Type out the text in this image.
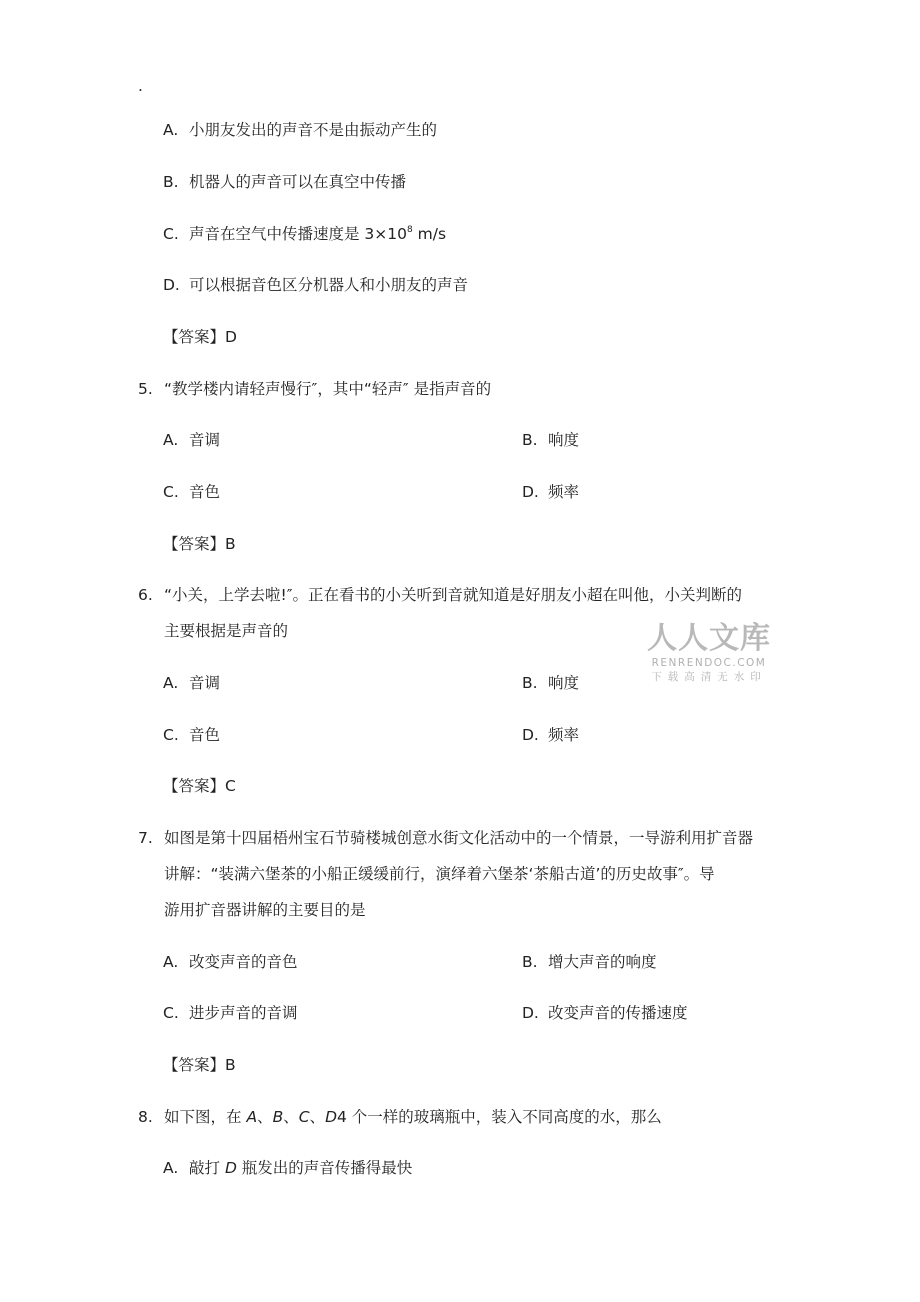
.
A. 小朋友发出的声音不是由振动产生的
B. 机器人的声音可以在真空中传播
C. 声音在空气中传播速度是 $3\times 10^8$ m/s
D. 可以根据音色区分机器人和小朋友的声音
【答案】D
5. “教学楼内请轻声慢行″，其中“轻声″ 是指声音的
A. 音调	B. 响度
C. 音色	D. 频率
【答案】B
6. “小关，上学去啦!″。正在看书的小关听到音就知道是好朋友小超在叫他，小关判断的
主要根据是声音的
A. 音调	B. 响度
C. 音色	D. 频率
【答案】C
7. 如图是第十四届梧州宝石节骑楼城创意水街文化活动中的一个情景，一导游利用扩音器
讲解：“装满六堡茶的小船正缓缓前行，演绎着六堡茶‘茶船古道’的历史故事″。导
游用扩音器讲解的主要目的是
A. 改变声音的音色	B. 增大声音的响度
C. 进步声音的音调	D. 改变声音的传播速度
【答案】B
8. 如下图，在 A、B、C、D4 个一样的玻璃瓶中，装入不同高度的水，那么
A. 敲打 D 瓶发出的声音传播得最快
人人文库
RENRENDOC.COM
下载高清无水印
